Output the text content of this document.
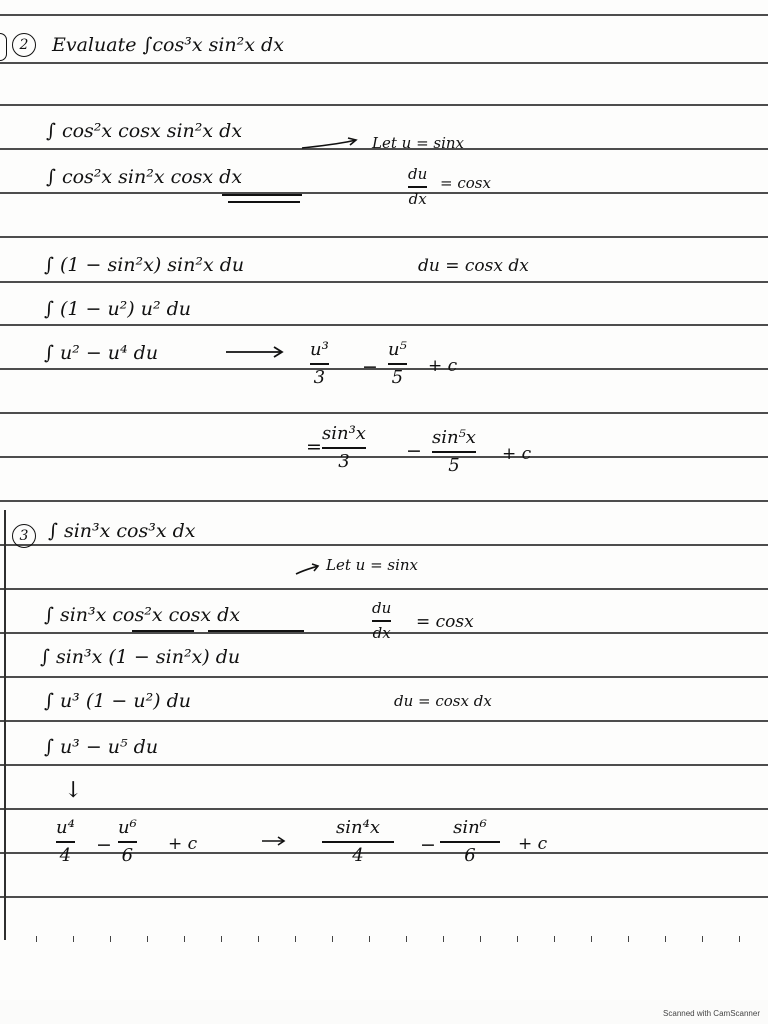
2	Evaluate ∫cos³x sin²x dx
∫ cos²x cosx sin²x dx
Let u = sinx
∫ cos²x sin²x cosx dx	du
dx
= cosx
∫ (1 − sin²x) sin²x du	du = cosx dx
∫ (1 − u²) u² du
∫ u² − u⁴ du	u³
3 −
u⁵
5
+ c
=
sin³x
3	−
sin⁵x
5
+ c
3	∫ sin³x cos³x dx
Let u = sinx
∫ sin³x cos²x cosx dx	du
dx
= cosx
∫ sin³x (1 − sin²x) du
∫ u³ (1 − u²) du	du = cosx dx
∫ u³ − u⁵ du
↓
u⁴
4 −
u⁶
6
+ c
sin⁴x
4	−
sin⁶
6
+ c
Scanned with CamScanner
